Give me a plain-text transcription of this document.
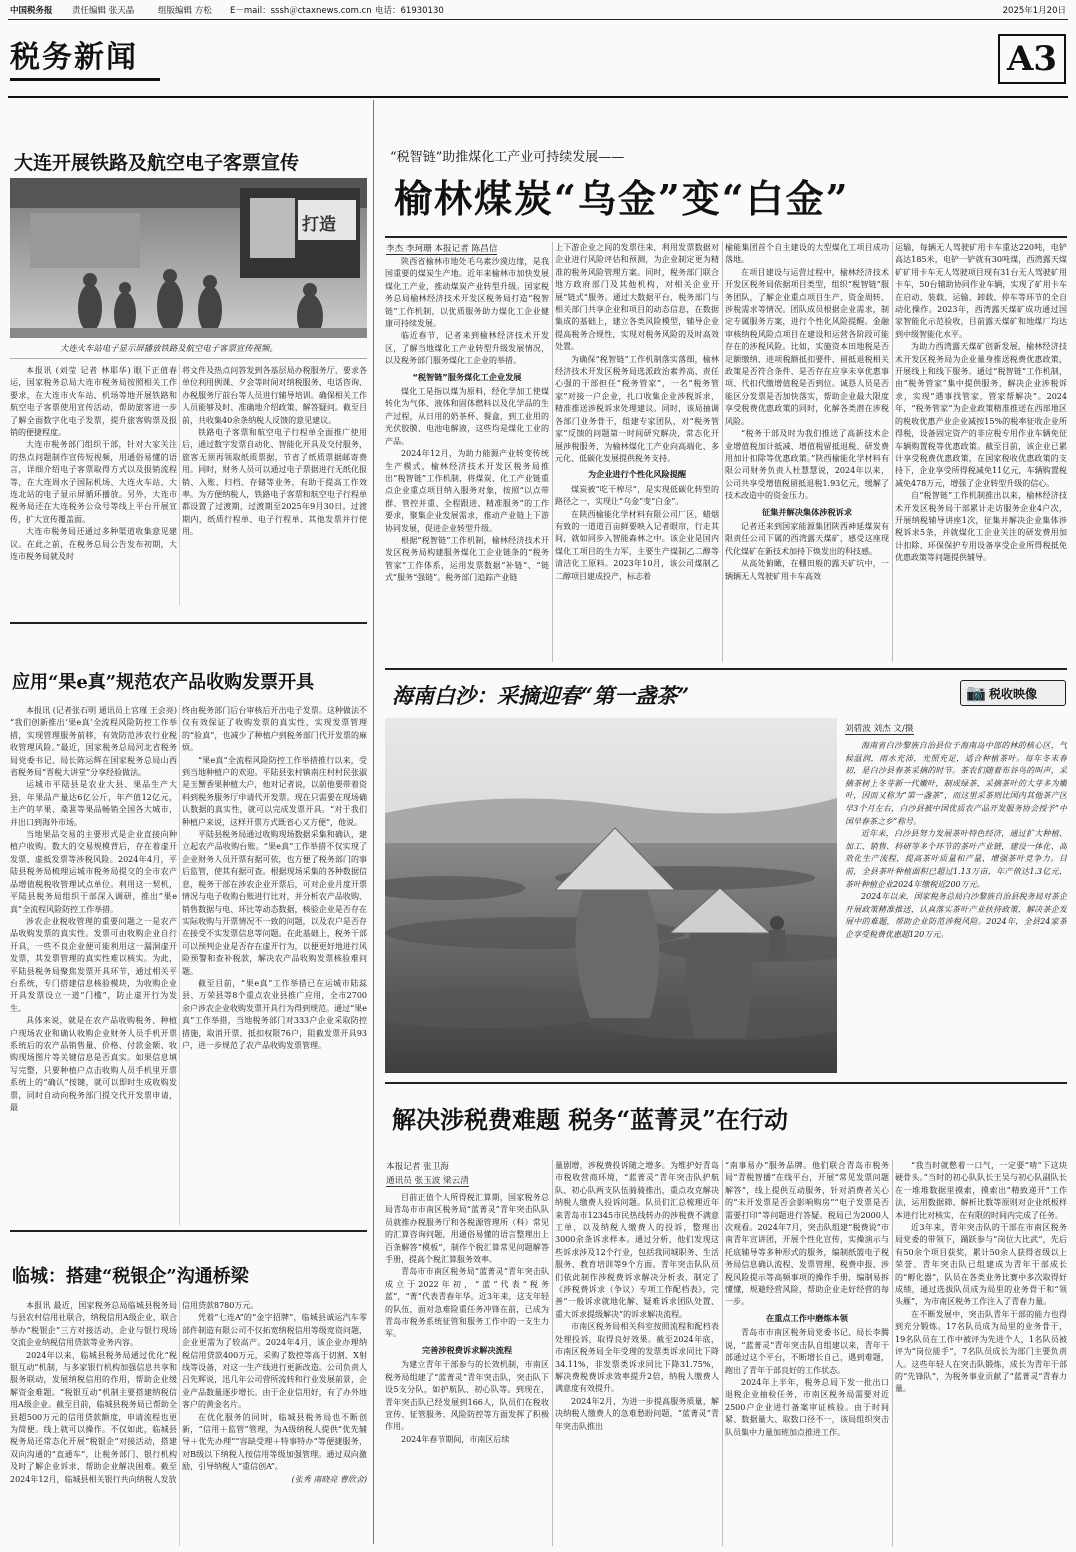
中国税务报 责任编辑 张天晶	组版编辑 方松 E－mail：sssh＠ctaxnews.com.cn 电话：61930130	2025年1月20日
税务新闻	A3
大连开展铁路及航空电子客票宣传
打造
大连火车站电子显示屏播放铁路及航空电子客票宣传视频。

本报讯 (刘莹 记者 林耶华) 眼下正值春运，国家税务总局大连市税务局按照相关工作要求，在大连市火车站、机场等地开展铁路和航空电子客票使用宣传活动，帮助旅客进一步了解全面数字化电子发票，提升旅客购票及报销的便捷程度。

大连市税务部门组织干部，针对大家关注的热点问题制作宣传短视频，用通俗易懂的语言，详细介绍电子客票取得方式以及报销流程等，在大连周水子国际机场、大连火车站、大连北站的电子显示屏循环播放。另外，大连市税务局还在大连税务公众号等线上平台开展宣传，扩大宣传覆盖面。

大连市税务局还通过多种渠道收集意见建议。在此之前，在税务总局公告发布初期，大连市税务局就及时

将文件及热点问答发到各基层局办税服务厅，要求各单位利用例课、夕会等时间对纳税服务、电话咨询、办税服务厅前台等人员进行辅导培训。确保相关工作人员能够及时、准确地介绍政策、解答疑问。截至目前，共收集40余条纳税人反馈的意见建议。

铁路电子客票和航空电子行程单全面推广使用后，通过数字发票自动化、智能化开具及交付服务，旅客无须再领取纸质票据，节省了纸质票据邮寄费用。同时，财务人员可以通过电子票据进行无纸化报销、入账、归档、存储等业务，有助于提高工作效率。为方便纳税人，铁路电子客票和航空电子行程单都设置了过渡期，过渡期至2025年9月30日。过渡期内，纸质行程单、电子行程单、其他发票并行使用。

应用“果e真”规范农产品收购发票开具

本报讯 (记者张石明 通讯员上官瑾 王会亮) “我们创新推出‘果e真’全流程风险防控工作举措，实现管理服务前移，有效防范涉农行业税收管理风险。”最近，国家税务总局河北省税务局党委书记、局长陈运辉在国家税务总局山西省税务局“晋税大讲堂”分享经验做法。

运城市平陆县是农业大县、果品生产大县，年果品产量达6亿公斤，年产值12亿元，主产的苹果、桑葚等果品畅销全国各大城市，并出口到海外市场。

当地果品交易的主要形式是企业直接向种植户收购。数大的交易规模背后，存在着虚开发票、虚抵发票等涉税风险。2024年4月，平陆县税务局梳理运城市税务局提交的全市农产品增值税税收管理试点单位。利用这一契机，平陆县税务局组织干部深入调研，推出“果e真”全流程风险防控工作举措。

涉农企业税收管理的重要问题之一是农产品收购发票的真实性。发票可由收购企业自行开具，一些不良企业便可能利用这一漏洞虚开发票，其发票管理的真实性难以核实。为此，平陆县税务局聚焦发票开具环节，通过相关平台系统，专门搭建信息核验模块，为收购企业开具发票设立一道“门槛”，防止虚开行为发生。

具体来说，就是在农产品收购税务、种植户现场农业和确认收购企业财务人员手机开票系统后的农产品销售量、价格、付款金额、收购现场图片等关键信息是否真实。如果信息填写完整，只要种植户点击收购人员手机里开票系统上的“确认”按键，就可以即时生成收购发票，同时自动向税务部门提交代开发票申请，最

终由税务部门后台审核后开出电子发票。这种做法不仅有效保证了收购发票的真实性，实现发票管理的“验真”，也减少了种植户到税务部门代开发票的麻烦。

“果e真”全流程风险防控工作举措推行以来，受到当地种植户的欢迎。平陆县张村镇南庄村村民张淑是玉蟹香果种植大户，他对记者说，以前他要带着资料到税务服务厅申请代开发票。现在只需要在现场确认数据的真实性，就可以完成发票开具。“对于我们种植户来说，这样开票方式既省心又方便”，他说。

平陆县税务局通过收购现场数据采集和确认，建立起农产品收购台账。“果e真”工作举措不仅实现了企业财务人员开票有据可依，也方便了税务部门的事后监管，使其有据可查。根据现场采集的各种数据信息，税务干部在涉农企业开票后，可对企业月度开票情况与电子收购台账进行比对，并分析农产品收购、销售数据与电、环比等动态数据，核验企业是否存在实际收购与开票情况不一致的问题，以及农户是否存在接受不实发票信息等问题。在此基础上，税务干部可以预判企业是否存在虚开行为，以便更好地进行风险预警和查补税款，解决农产品收购发票核验难问题。

截至目前，“果e真”工作举措已在运城市陆蕊县、万荣县等8个重点农业县推广应用，全市2700余户涉农企业收购发票开具行为得到规范。通过“果e真”工作举措，当地税务部门对333户企业采取防控措施，取消开票、抵扣权限76户，阻截发票开具93户，进一步规范了农产品收购发票管理。

临城：搭建“税银企”沟通桥梁

本报讯 最近，国家税务总局临城县税务局与县农村信用社联合，纳税信用A级企业，联合举办“税银企”三方对接活动，企业与银行现场交流企业纳税信用贷款等业务内容。

2024年以来，临城县税务局通过优化“税银互动”机制，与多家银行机构加强信息共享和服务联动，发展纳税信用的作用，帮助企业缓解资金难题。“税银互动”机制主要搭建纳税信用A级企业。截至目前，临城县税务局已帮助全县超500万元的信用贷款额度，申请流程也更为简便。线上就可以操作。不仅如此，临城县税务局还常态化开展“税银企”对接活动，搭建双向沟通的“直通车”，让税务部门、银行机构及时了解企业诉求，帮助企业解决困难。截至2024年12月，临城县相关银行共向纳税人发放

信用贷款8780万元。

凭着“七连A”的“金字招牌”，临城县诚运汽车零部件制造有限公司不仅拓宽纳税信用等级宽资问题，企业更需为了较高产。2024年4月，该企业办理纳税信用贷款400万元，采购了数控等高于切割、X射线等设备，对这一生产线进行更新改造。公司负责人吕先辉说，迅几年公司营所流转和行业发展前景，企业产品数量逐步增长。由于企业信用好，有了办外地客户的黄金名片。

在优化服务的同时，临城县税务局也不断创新，“信用＋监管”管理，为A级纳税人提供“优先辅导＋优先办理”“容缺受理＋特事特办”等便捷服务，对B级以下纳税人按信用等级加强管理。通过双向激励，引导纳税人“重信创A”。

(张秀 南晓亮 曹欣舍)

“税智链”助推煤化工产业可持续发展——
榆林煤炭“乌金”变“白金”
李杰 李珂珊 本报记者 陈昌信

陕西省榆林市地处毛乌素沙漠边缘，是我国重要的煤炭生产地。近年来榆林市加快发展煤化工产业，推动煤炭产业转型升级。国家税务总局榆林经济技术开发区税务局打造“税智链”工作机制，以优质服务助力煤化工企业健康可持续发展。

临近春节，记者来到榆林经济技术开发区，了解当地煤化工产业转型升级发展情况，以及税务部门服务煤化工企业的举措。

“税智链”服务煤化工企业发展

煤化工是指以煤为原料，经化学加工使煤转化为气体、液体和固体燃料以及化学品的生产过程，从日用的奶茶杯、餐盒，到工业用的光伏胶膜、电池电解液，这些均是煤化工业的产品。

2024年12月，为助力能源产业转变传统生产模式，榆林经济技术开发区税务局推出“税智链”工作机制，将煤炭、化工产业链重点企业重点项目纳入服务对象，按照“以点带群、管控并重、全程跟进、精准服务”的工作要求，聚集企业发展需求，推动产业链上下游协同发展，促进企业转型升级。

根据“税智链”工作机制，榆林经济技术开发区税务局构建服务煤化工企业链条的“税务管家”工作体系，运用发票数据“补链”、“链式”服务“强链”。税务部门追踪产业链

上下游企业之间的发票往来，利用发票数据对企业进行风险评估和预测，为企业制定更为精准的税务风险管理方案。同时，税务部门联合地方政府部门及其他机构，对相关企业开展“链式”服务。通过大数据平台，税务部门与相关部门共享企业和项目的动态信息，在数据集成的基础上，建立各类风险模型，辅导企业提高税务合规性，实现对税务风险的及时高效处置。

为确保“税智链”工作机制落实落细，榆林经济技术开发区税务局选派政治素养高、责任心强的干部担任“税务管家”，一名“税务管家”对接一户企业，扎口收集企业涉税诉求，精准推送涉税诉求处理建议。同时，该局抽调各部门业务骨干，组建专家团队，对“税务管家”反馈的问题第一时间研究解决，常态化开展涉税服务，为榆林煤化工产业向高端化、多元化、低碳化发展提供税务支持。

为企业进行个性化风险提醒

煤炭被“吃干榨尽”，是实现低碳化转型的路径之一，实现让“乌金”变“白金”。

在陕西榆能化学材料有限公司厂区，蜡烟有致的一道道百亩鲜要映入记者眼帘，行走其间，就如同步入智能森林之中。该企业是国内煤化工项目的生力军，主要生产煤制乙二醇等清洁化工原料。2023年10月，该公司煤制乙二醇项目建成投产，标志着

榆能集团首个自主建设的大型煤化工项目成功落地。

在项目建设与运营过程中，榆林经济技术开发区税务局依据项目类型，组织“税智链”服务团队，了解企业重点项目生产、资金周转、涉税需求等情况。团队成员根据企业需求，制定专属服务方案，进行个性化风险提醒。金融审核纳税风险点项目在建设和运营各阶段可能存在的涉税风险。比如，实施资本田地税是否足额缴纳、进项税额抵扣要件、留抵退税相关政策是否符合条件、是否存在应享未享优惠事项、代扣代缴增值税是否到位。诚恳人员是否能区分发票是否加快落实，帮助企业最大限度享受税费优惠政策的同时，化解各类潜在涉税风险。

“税务干部及时为我们推送了高新技术企业增值税加计抵减、增值税留抵退税、研发费用加计扣除等优惠政策。”陕西榆能化学材料有限公司财务负责人杜慧慧说，2024年以来，公司共享受增值税留抵退税1.93亿元，缓解了技术改造中的资金压力。

征集并解决集体涉税诉求

记者还来到国家能源集团陕西神延煤炭有限责任公司下属的西湾露天煤矿，感受这座现代化煤矿在新技术加持下焕发出的科技感。

从高处俯瞰，在棚田般的露天矿坑中，一辆辆无人驾驶矿用卡车高效

运输，每辆无人驾驶矿用卡车重达220吨，电铲高达185米，电铲一铲就有30吨煤，西湾露天煤矿矿用卡车无人驾驶项目现有31台无人驾驶矿用卡车，50台辅助协同作业车辆，实现了矿用卡车在启动、装载、运输、卸载、停车等环节的全自动化操作。2023年，西湾露天煤矿成功通过国家智能化示范验收，目前露天煤矿和地煤厂均达到中级智能化水平。

为助力西湾露天煤矿创新发展，榆林经济技术开发区税务局为企业量身推送税费优惠政策，开展线上和线下服务。通过“税智链”工作机制，由“税务管家”集中提供服务，解决企业涉税诉求，实现“遇事找管家，管家帮解决”。2024年，“税务管家”为企业政策精准推送在西部地区的税收优惠产业企业减按15%的税率征收企业所得税，设备固定资产的非应税专用作业车辆免征车辆购置税等优惠政策。截至目前，该企业已累计享受税费优惠政策，在国家税收优惠政策的支持下，企业享受所得税减免11亿元，车辆购置税减免478万元，增强了企业转型升级的信心。

自“税智链”工作机制推出以来，榆林经济技术开发区税务局干部累计走访服务企业4户次，开展纳税辅导讲座1次，征集并解决企业集体涉税诉求5条，并就煤化工企业关注的研发费用加计扣除、环保保护专用设备享受企业所得税抵免优惠政策等问题提供辅导。

海南白沙：采摘迎春“第一盏茶”	📷 税收映像
刘碧波 刘杰 文/摄

海南省白沙黎族自治县位于海南岛中部的林的核心区，气候温润，雨水充沛，光照充足，适合种植茶叶。每年冬末春初，是白沙县春茶采摘的时节。茶农们随着布谷鸟的叫声，采摘茶树上冬芽新一代嫩叶，制成绿茶，采摘茶叶的大芽多为嫩叶，因而又称为“第一盏茶”，而这里采茶则比国内其他茶产区早3个月左右，白沙县被中国优质农产品开发服务协会授予“中国早春茶之乡”称号。

近年来，白沙县努力发展茶叶特色经济，通过扩大种植、加工、销售、科研等多个环节的茶叶产业链，建设一体化、高效化生产流程，提高茶叶质量和产量，增强茶叶竞争力。目前，全县茶叶种植面积已超过1.13万亩，年产值达1.3亿元，茶叶种植企业2024年缴税近200万元。

2024年以来，国家税务总局白沙黎族自治县税务局对茶企开展政策精准推送，认真落实茶叶产业扶持政策，解决茶企发展中的难题，帮助企业防范涉税风险。2024年，全县24家茶企享受税费优惠超120万元。

解决涉税费难题 税务“蓝菁灵”在行动
本报记者 张卫海
通讯员 张玉波 梁云清

目前正值个人所得税汇算期，国家税务总局青岛市市南区税务局“蓝菁灵”青年突击队队员就推办税服务厅和各税源管理所（科）常见的汇算咨询问题，用通俗易懂的语言整理出上百条解答“模板”，制作个税汇算常见问题解答手册，提高个税汇算服务效率。

青岛市市南区税务局“蓝菁灵”青年突击队成立于2022年初，“蓝”代表“税务蓝”，“菁”代表青春年华。近3年来，这支年轻的队伍，面对急难险重任务冲锋在前，已成为青岛市税务系统征管和服务工作中的一支生力军。

完善涉税费诉求解决流程

为建立青年干部参与的长效机制，市南区税务局组建了“蓝菁灵”青年突击队，突击队下设5支分队，如护航队、初心队等。到现在，青年突击队已经发展到166人，队员们在税收宣传、征管服务、风险防控等方面发挥了积极作用。

2024年春节期间，市南区后续

量剧增，涉税费投诉随之增多。为维护好青岛市税收营商环境，“蓝菁灵”青年突击队护航队、初心队两支队伍骑骑推出，重点攻克解决纳税人缴费人投诉问题。队员们汇总梳理近年来青岛市12345市民热线转办的涉税费不满意工单，以及纳税人缴费人的投诉，整理出3000余条诉求样本。通过分析，他们发现这些诉求涉及12个行业，包括我同城职务、生活服务、教育培训等9个方面。青年突击队队员们依此制作涉税费诉求解决分析表，制定了《涉税费诉求（争议）专项工作配档表》，完善“一般诉求就地化解、疑难诉求团队处置、重大诉求提级解决”的诉求解决流程。

市南区税务局相关科室按照流程和配档表处理投诉，取得良好效果。截至2024年底，市南区税务局全年受理的发票类诉求同比下降34.11%，非发票类诉求同比下降31.75%，解决费税费诉求效率提升2倍，纳税人缴费人满意度有效提升。

2024年2月，为进一步提高服务质量，解决纳税人缴费人的急难愁盼问题，“蓝菁灵”青年突击队推出

“南事易办”服务品牌。他们联合青岛市税务局“青税智播”在线平台，开展“常见发票问题解答”，线上提供互动服务，针对消费者关心的“未开发票是否会影响购房”“电子发票是否需要打印”等问题进行答疑。税局已为2000人次观看。2024年7月，突击队组建“税费说”市南青年宣讲团，开展个性化宣传，实操演示与托底辅导等多种形式的服务，编制纸篮电子税务局信息确认流程、发票管理、税费申报、涉税风险提示等高频事项的操作手册，编制易拆懂懂，规避经营风险，帮助企业走好经营的每一步。

在重点工作中磨炼本领

青岛市市南区税务局党委书记、局长李腾说，“蓝菁灵”青年突击队自组建以来，青年干部通过这个平台，不断增长自己，遇到难题，跑出了青年干部良好的工作状态。

2024年上半年，税务总局下发一批出口退税企业抽检任务，市南区税务局需要对近2500户企业进行备案审证核验。由于时间紧、数据量大、取数口径不一，该局组织突击队员集中力量加班加点推进工作。

“我当时就憋着一口气，一定要“啃”下这块硬骨头。”当时的初心队队长王吴与初心队副队长在一堆堆数据里摸索，摸索出“精致递开”工作法，运用数据筛、解析比数等原则对企业纸板样本进行比对核实，在有限的时间内完成了任务。

近3年来，青年突击队的干部在市南区税务局党委的带领下，踊跃参与“岗位大比武”，先后有50余个项目获奖，累计50余人获得省级以上荣誉、青年突击队已组建成为青年干部成长的“孵化器”，队员在各类业务比赛中多次取得好成绩，通过选拔队员成为局里的业务骨干和“领头雁”，为市南区税务工作注入了青春力量。

在不断发展中，突击队青年干部的能力也得到充分锻炼。17名队员成为局里的业务骨干，19名队员在工作中被评为先进个人，1名队员被评为“岗位能手”，7名队员成长为部门主要负责人。这些年轻人在突击队锻炼，成长为青年干部的“先锋队”，为税务事业贡献了“蓝菁灵”青春力量。
